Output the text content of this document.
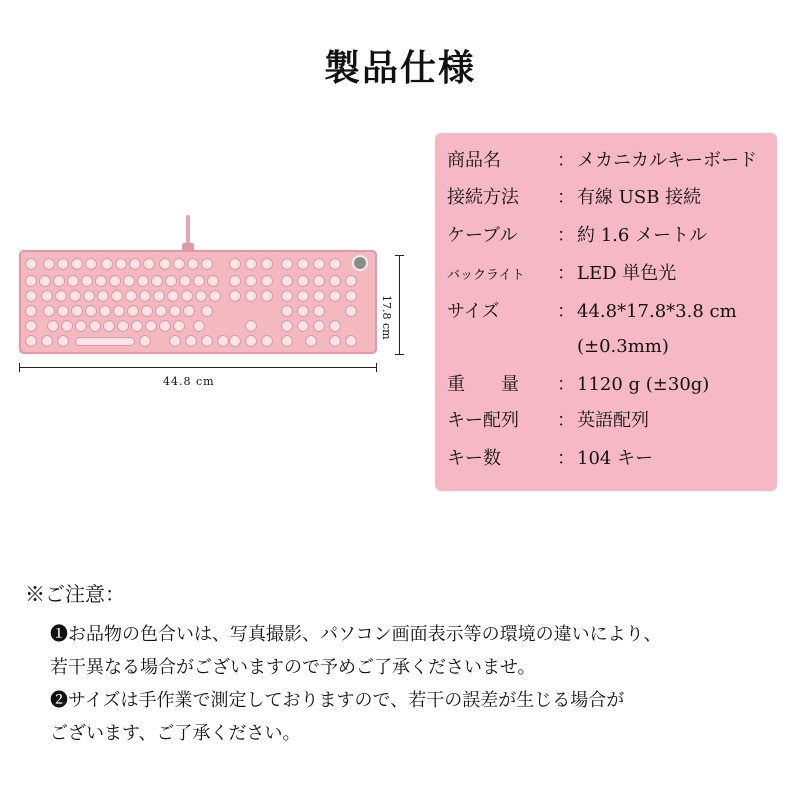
製品仕様
17.8 cm
44.8 cm
商品名	： メカニカルキーボード
接続方法 ： 有線 USB 接続
ケーブル ： 約 1.6 メートル
バックライト ： LED 単色光
サイズ	： 44.8*17.8*3.8 cm
(±0.3mm)
重　　量 ： 1120 g (±30g)
キー配列 ： 英語配列
キー数	： 104 キー
※ご注意：
❶お品物の色合いは、写真撮影、パソコン画面表示等の環境の違いにより、
若干異なる場合がございますので予めご了承くださいませ。
❷サイズは手作業で測定しておりますので、若干の誤差が生じる場合が
ございます、ご了承ください。
